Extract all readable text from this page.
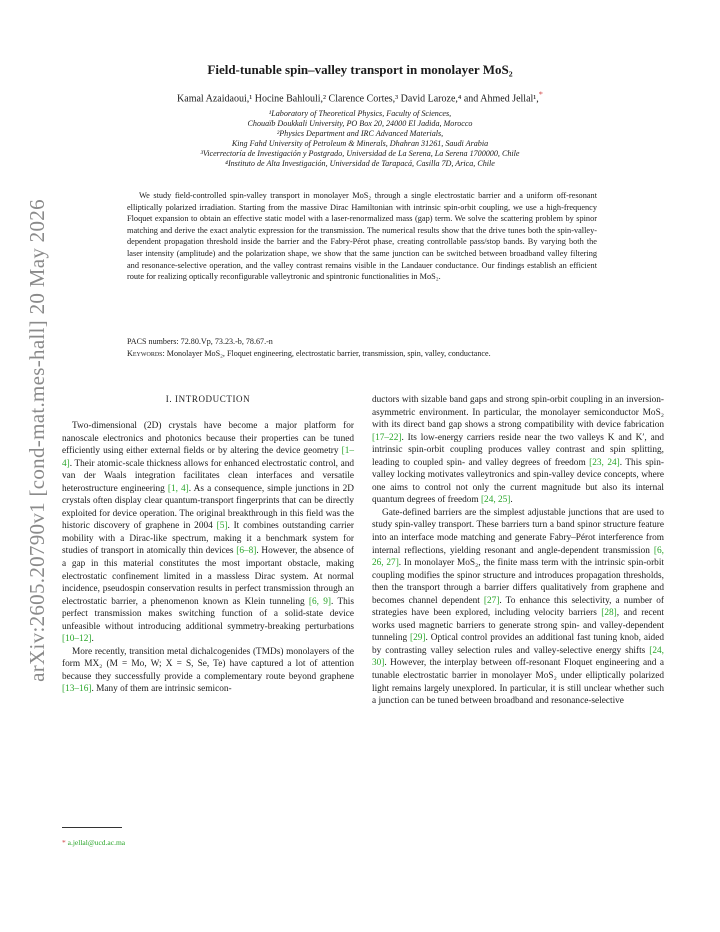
arXiv:2605.20790v1 [cond-mat.mes-hall] 20 May 2026
Field-tunable spin–valley transport in monolayer MoS₂
Kamal Azaidaoui,¹ Hocine Bahlouli,² Clarence Cortes,³ David Laroze,⁴ and Ahmed Jellal¹,*
¹Laboratory of Theoretical Physics, Faculty of Sciences,
Chouaïb Doukkali University, PO Box 20, 24000 El Jadida, Morocco
²Physics Department and IRC Advanced Materials,
King Fahd University of Petroleum & Minerals, Dhahran 31261, Saudi Arabia
³Vicerrectoría de Investigación y Postgrado, Universidad de La Serena, La Serena 1700000, Chile
⁴Instituto de Alta Investigación, Universidad de Tarapacá, Casilla 7D, Arica, Chile

We study field-controlled spin-valley transport in monolayer MoS₂ through a single electrostatic barrier and a uniform off-resonant elliptically polarized irradiation. Starting from the massive Dirac Hamiltonian with intrinsic spin-orbit coupling, we use a high-frequency Floquet expansion to obtain an effective static model with a laser-renormalized mass (gap) term. We solve the scattering problem by spinor matching and derive the exact analytic expression for the transmission. The numerical results show that the drive tunes both the spin-valley-dependent propagation threshold inside the barrier and the Fabry-Pérot phase, creating controllable pass/stop bands. By varying both the laser intensity (amplitude) and the polarization shape, we show that the same junction can be switched between broadband valley filtering and resonance-selective operation, and the valley contrast remains visible in the Landauer conductance. Our findings establish an efficient route for realizing optically reconfigurable valleytronic and spintronic functionalities in MoS₂.

PACS numbers: 72.80.Vp, 73.23.-b, 78.67.-n
Keywords: Monolayer MoS₂, Floquet engineering, electrostatic barrier, transmission, spin, valley, conductance.
I. INTRODUCTION

Two-dimensional (2D) crystals have become a major platform for nanoscale electronics and photonics because their properties can be tuned efficiently using either external fields or by altering the device geometry [1–4]. Their atomic-scale thickness allows for enhanced electrostatic control, and van der Waals integration facilitates clean interfaces and versatile heterostructure engineering [1, 4]. As a consequence, simple junctions in 2D crystals often display clear quantum-transport fingerprints that can be directly exploited for device operation. The original breakthrough in this field was the historic discovery of graphene in 2004 [5]. It combines outstanding carrier mobility with a Dirac-like spectrum, making it a benchmark system for studies of transport in atomically thin devices [6–8]. However, the absence of a gap in this material constitutes the most important obstacle, making electrostatic confinement limited in a massless Dirac system. At normal incidence, pseudospin conservation results in perfect transmission through an electrostatic barrier, a phenomenon known as Klein tunneling [6, 9]. This perfect transmission makes switching function of a solid-state device unfeasible without introducing additional symmetry-breaking perturbations [10–12].

More recently, transition metal dichalcogenides (TMDs) monolayers of the form MX₂ (M = Mo, W; X = S, Se, Te) have captured a lot of attention because they successfully provide a complementary route beyond graphene [13–16]. Many of them are intrinsic semicon-

ductors with sizable band gaps and strong spin-orbit coupling in an inversion-asymmetric environment. In particular, the monolayer semiconductor MoS₂ with its direct band gap shows a strong compatibility with device fabrication [17–22]. Its low-energy carriers reside near the two valleys K and K′, and intrinsic spin-orbit coupling produces valley contrast and spin splitting, leading to coupled spin- and valley degrees of freedom [23, 24]. This spin-valley locking motivates valleytronics and spin-valley device concepts, where one aims to control not only the current magnitude but also its internal quantum degrees of freedom [24, 25].

Gate-defined barriers are the simplest adjustable junctions that are used to study spin-valley transport. These barriers turn a band spinor structure feature into an interface mode matching and generate Fabry–Pérot interference from internal reflections, yielding resonant and angle-dependent transmission [6, 26, 27]. In monolayer MoS₂, the finite mass term with the intrinsic spin-orbit coupling modifies the spinor structure and introduces propagation thresholds, then the transport through a barrier differs qualitatively from graphene and becomes channel dependent [27]. To enhance this selectivity, a number of strategies have been explored, including velocity barriers [28], and recent works used magnetic barriers to generate strong spin- and valley-dependent tunneling [29]. Optical control provides an additional fast tuning knob, aided by contrasting valley selection rules and valley-selective energy shifts [24, 30]. However, the interplay between off-resonant Floquet engineering and a tunable electrostatic barrier in monolayer MoS₂ under elliptically polarized light remains largely unexplored. In particular, it is still unclear whether such a junction can be tuned between broadband and resonance-selective

* a.jellal@ucd.ac.ma
